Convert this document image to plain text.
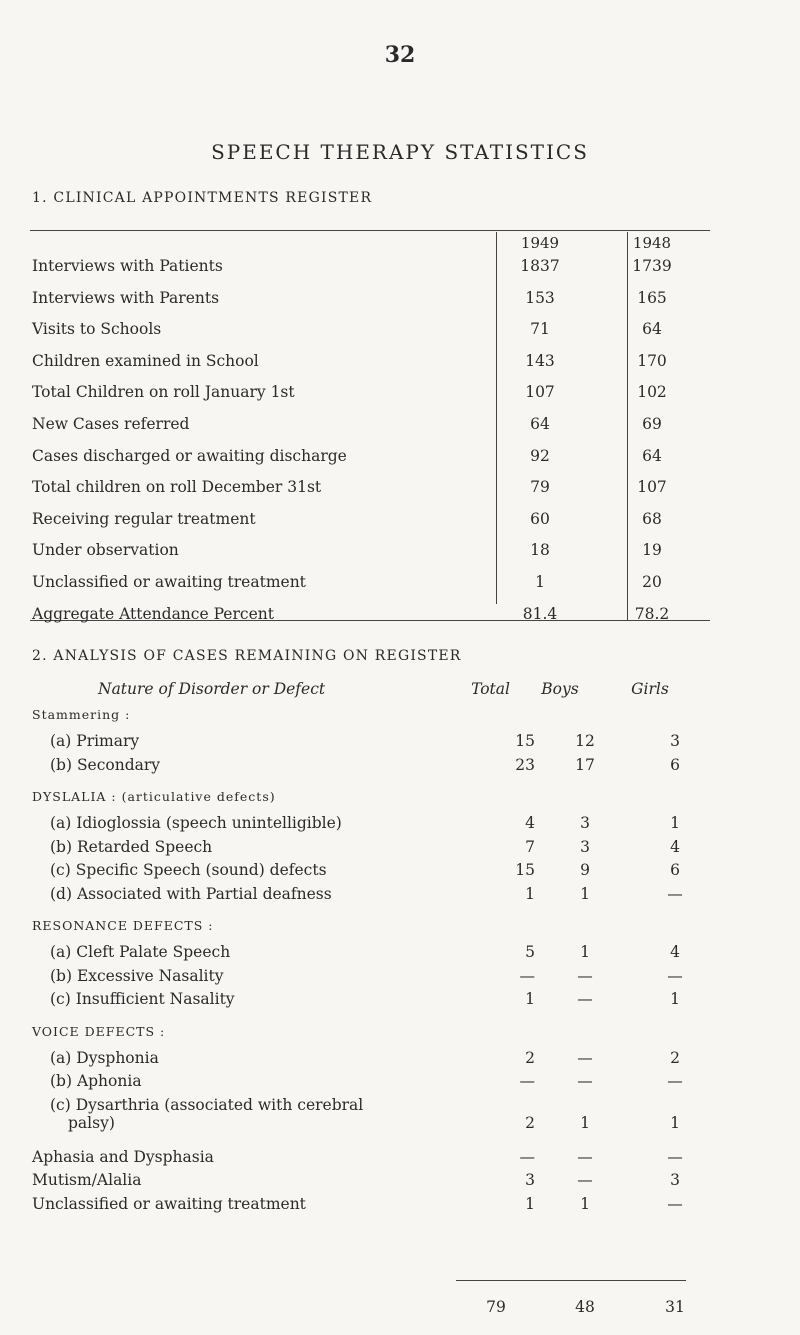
32
SPEECH THERAPY STATISTICS
1. CLINICAL APPOINTMENTS REGISTER
1949	1948
Interviews with Patients	1837	1739
Interviews with Parents	153	165
Visits to Schools	71	64
Children examined in School	143	170
Total Children on roll January 1st	107	102
New Cases referred	64	69
Cases discharged or awaiting discharge	92	64
Total children on roll December 31st	79	107
Receiving regular treatment	60	68
Under observation	18	19
Unclassified or awaiting treatment	1	20
Aggregate Attendance Percent	81.4	78.2
2. ANALYSIS OF CASES REMAINING ON REGISTER
Nature of Disorder or Defect	Total	Boys	Girls
Stammering :
(a) Primary	15	12	3
(b) Secondary	23	17	6
DYSLALIA : (articulative defects)
(a) Idioglossia (speech unintelligible)	4	3	1
(b) Retarded Speech	7	3	4
(c) Specific Speech (sound) defects	15	9	6
(d) Associated with Partial deafness	1	1	—
RESONANCE DEFECTS :
(a) Cleft Palate Speech	5	1	4
(b) Excessive Nasality	—	—	—
(c) Insufficient Nasality	1	—	1
VOICE DEFECTS :
(a) Dysphonia	2	—	2
(b) Aphonia	—	—	—
(c) Dysarthria (associated with cerebral
palsy)	2	1	1
Aphasia and Dysphasia	—	—	—
Mutism/Alalia	3	—	3
Unclassified or awaiting treatment	1	1	—
79	48	31
